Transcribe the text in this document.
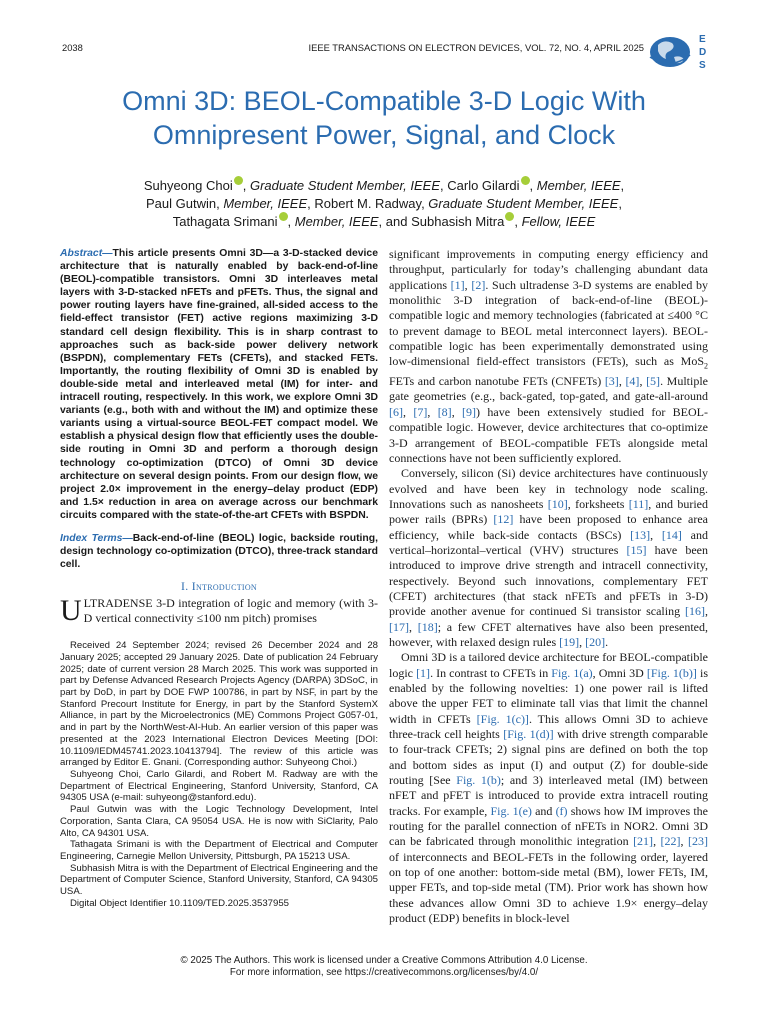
2038	IEEE TRANSACTIONS ON ELECTRON DEVICES, VOL. 72, NO. 4, APRIL 2025
E
D
S
Omni 3D: BEOL-Compatible 3-D Logic With
Omnipresent Power, Signal, and Clock
Suhyeong Choi , Graduate Student Member, IEEE, Carlo Gilardi , Member, IEEE,
Paul Gutwin, Member, IEEE, Robert M. Radway, Graduate Student Member, IEEE,
Tathagata Srimani , Member, IEEE, and Subhasish Mitra , Fellow, IEEE

Abstract—This article presents Omni 3D—a 3-D-stacked device architecture that is naturally enabled by back-end-of-line (BEOL)-compatible transistors. Omni 3D interleaves metal layers with 3-D-stacked nFETs and pFETs. Thus, the signal and power routing layers have fine-grained, all-sided access to the field-effect transistor (FET) active regions maximizing 3-D standard cell design flexibility. This is in sharp contrast to approaches such as back-side power delivery network (BSPDN), complementary FETs (CFETs), and stacked FETs. Importantly, the routing flexibility of Omni 3D is enabled by double-side metal and interleaved metal (IM) for inter- and intracell routing, respectively. In this work, we explore Omni 3D variants (e.g., both with and without the IM) and optimize these variants using a virtual-source BEOL-FET compact model. We establish a physical design flow that efficiently uses the double-side routing in Omni 3D and perform a thorough design technology co-optimization (DTCO) of Omni 3D device architecture on several design points. From our design flow, we project 2.0× improvement in the energy–delay product (EDP) and 1.5× reduction in area on average across our benchmark circuits compared with the state-of-the-art CFETs with BSPDN.

Index Terms—Back-end-of-line (BEOL) logic, backside routing, design technology co-optimization (DTCO), three-track standard cell.

I. Introduction

ULTRADENSE 3-D integration of logic and memory (with 3-D vertical connectivity ≤100 nm pitch) promises

Received 24 September 2024; revised 26 December 2024 and 28 January 2025; accepted 29 January 2025. Date of publication 24 February 2025; date of current version 28 March 2025. This work was supported in part by Defense Advanced Research Projects Agency (DARPA) 3DSoC, in part by DoD, in part by DOE FWP 100786, in part by NSF, in part by the Stanford Precourt Institute for Energy, in part by the Stanford SystemX Alliance, in part by the Microelectronics (ME) Commons Project G057-01, and in part by the NorthWest-AI-Hub. An earlier version of this paper was presented at the 2023 International Electron Devices Meeting [DOI: 10.1109/IEDM45741.2023.10413794]. The review of this article was arranged by Editor E. Gnani. (Corresponding author: Suhyeong Choi.)

Suhyeong Choi, Carlo Gilardi, and Robert M. Radway are with the Department of Electrical Engineering, Stanford University, Stanford, CA 94305 USA (e-mail: suhyeong@stanford.edu).

Paul Gutwin was with the Logic Technology Development, Intel Corporation, Santa Clara, CA 95054 USA. He is now with SiClarity, Palo Alto, CA 94301 USA.

Tathagata Srimani is with the Department of Electrical and Computer Engineering, Carnegie Mellon University, Pittsburgh, PA 15213 USA.

Subhasish Mitra is with the Department of Electrical Engineering and the Department of Computer Science, Stanford University, Stanford, CA 94305 USA.

Digital Object Identifier 10.1109/TED.2025.3537955

significant improvements in computing energy efficiency and throughput, particularly for today’s challenging abundant data applications [1], [2]. Such ultradense 3-D systems are enabled by monolithic 3-D integration of back-end-of-line (BEOL)-compatible logic and memory technologies (fabricated at ≤400 °C to prevent damage to BEOL metal interconnect layers). BEOL-compatible logic has been experimentally demonstrated using low-dimensional field-effect transistors (FETs), such as MoS$_2$ FETs and carbon nanotube FETs (CNFETs) [3], [4], [5]. Multiple gate geometries (e.g., back-gated, top-gated, and gate-all-around [6], [7], [8], [9]) have been extensively studied for BEOL-compatible logic. However, device architectures that co-optimize 3-D arrangement of BEOL-compatible FETs alongside metal connections have not been sufficiently explored.

Conversely, silicon (Si) device architectures have continuously evolved and have been key in technology node scaling. Innovations such as nanosheets [10], forksheets [11], and buried power rails (BPRs) [12] have been proposed to enhance area efficiency, while back-side contacts (BSCs) [13], [14] and vertical–horizontal–vertical (VHV) structures [15] have been introduced to improve drive strength and intracell connectivity, respectively. Beyond such innovations, complementary FET (CFET) architectures (that stack nFETs and pFETs in 3-D) provide another avenue for continued Si transistor scaling [16], [17], [18]; a few CFET alternatives have also been presented, however, with relaxed design rules [19], [20].

Omni 3D is a tailored device architecture for BEOL-compatible logic [1]. In contrast to CFETs in Fig. 1(a), Omni 3D [Fig. 1(b)] is enabled by the following novelties: 1) one power rail is lifted above the upper FET to eliminate tall vias that limit the channel width in CFETs [Fig. 1(c)]. This allows Omni 3D to achieve three-track cell heights [Fig. 1(d)] with drive strength comparable to four-track CFETs; 2) signal pins are defined on both the top and bottom sides as input (I) and output (Z) for double-side routing [See Fig. 1(b); and 3) interleaved metal (IM) between nFET and pFET is introduced to provide extra intracell routing tracks. For example, Fig. 1(e) and (f) shows how IM improves the routing for the parallel connection of nFETs in NOR2. Omni 3D can be fabricated through monolithic integration [21], [22], [23] of interconnects and BEOL-FETs in the following order, layered on top of one another: bottom-side metal (BM), lower FETs, IM, upper FETs, and top-side metal (TM). Prior work has shown how these advances allow Omni 3D to achieve 1.9× energy–delay product (EDP) benefits in block-level

© 2025 The Authors. This work is licensed under a Creative Commons Attribution 4.0 License.
For more information, see https://creativecommons.org/licenses/by/4.0/
